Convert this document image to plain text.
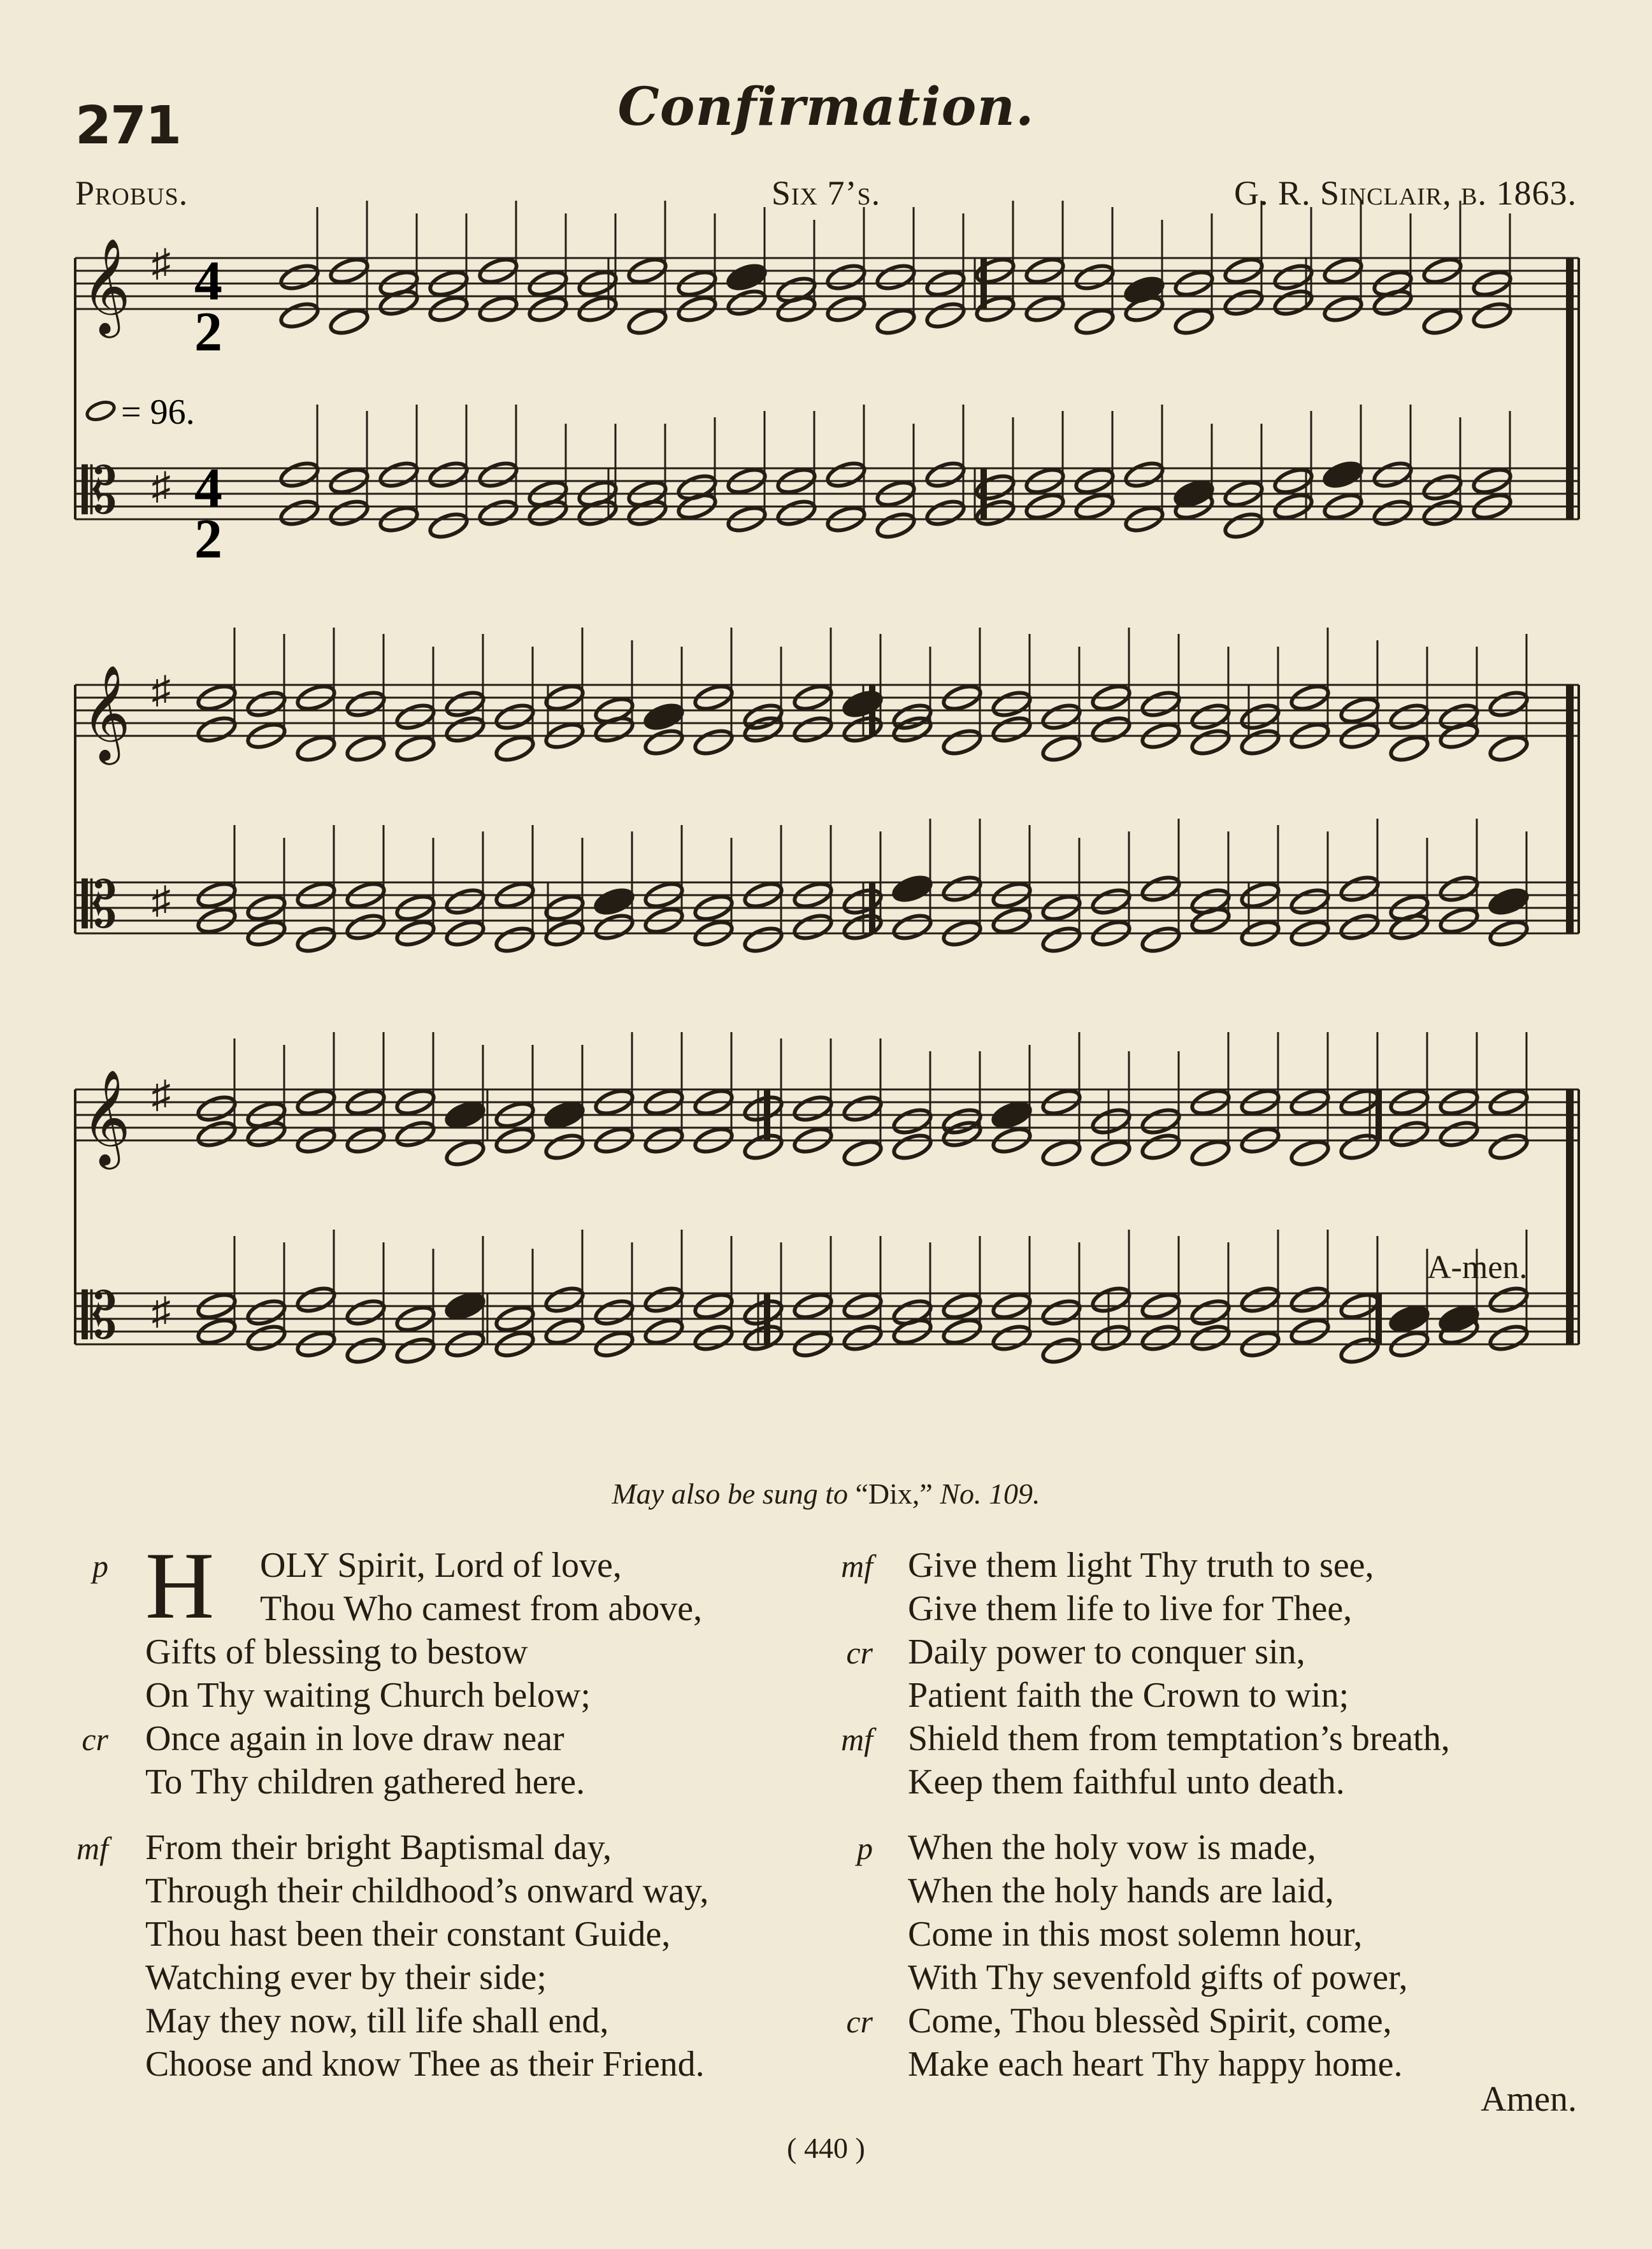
271	Confirmation.
Probus.	Six 7’s.	G. R. Sinclair, b. 1863.
𝄞 ♯
𝄡 ♯
𝄞 ♯
𝄡 ♯
𝄞 ♯
𝄡 ♯
= 96.
4
2
4
2
A-men.
May also be sung to “Dix,” No. 109.
p H OLY Spirit, Lord of love,
Thou Who camest from above,
Gifts of blessing to bestow
On Thy waiting Church below;
cr Once again in love draw near
To Thy children gathered here.
mf From their bright Baptismal day,
Through their childhood’s onward way,
Thou hast been their constant Guide,
Watching ever by their side;
May they now, till life shall end,
Choose and know Thee as their Friend.
mf Give them light Thy truth to see,
Give them life to live for Thee,
cr Daily power to conquer sin,
Patient faith the Crown to win;
mf Shield them from temptation’s breath,
Keep them faithful unto death.
p When the holy vow is made,
When the holy hands are laid,
Come in this most solemn hour,
With Thy sevenfold gifts of power,
cr Come, Thou blessèd Spirit, come,
Make each heart Thy happy home.
Amen.
( 440 )
